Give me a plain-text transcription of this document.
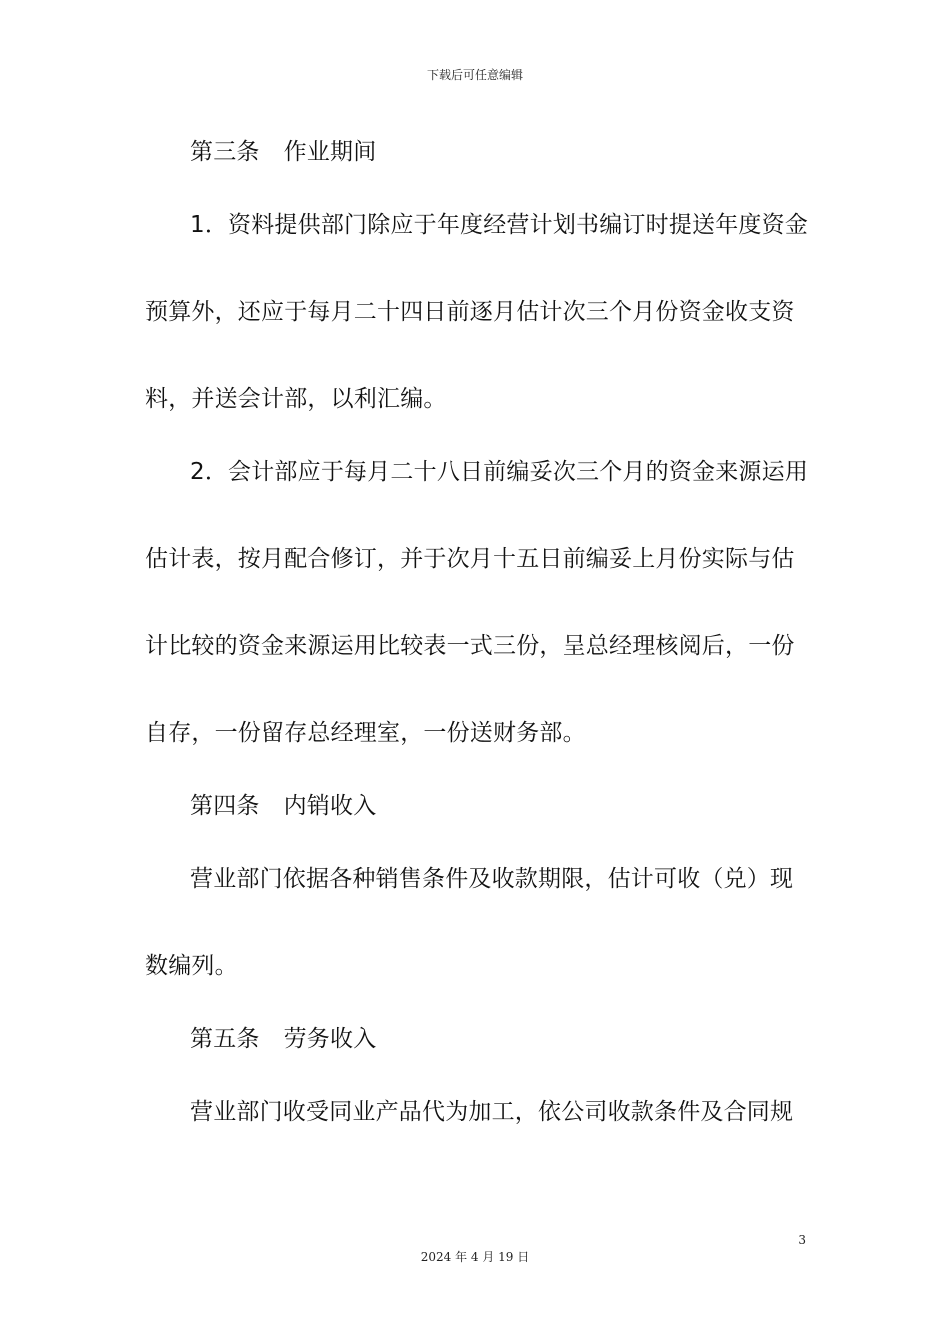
下载后可任意编辑
第三条 作业期间
1．资料提供部门除应于年度经营计划书编订时提送年度资金
预算外，还应于每月二十四日前逐月估计次三个月份资金收支资
料，并送会计部，以利汇编。
2．会计部应于每月二十八日前编妥次三个月的资金来源运用
估计表，按月配合修订，并于次月十五日前编妥上月份实际与估
计比较的资金来源运用比较表一式三份，呈总经理核阅后，一份
自存，一份留存总经理室，一份送财务部。
第四条 内销收入
营业部门依据各种销售条件及收款期限，估计可收（兑）现
数编列。
第五条 劳务收入
营业部门收受同业产品代为加工，依公司收款条件及合同规
3
2024 年 4 月 19 日
